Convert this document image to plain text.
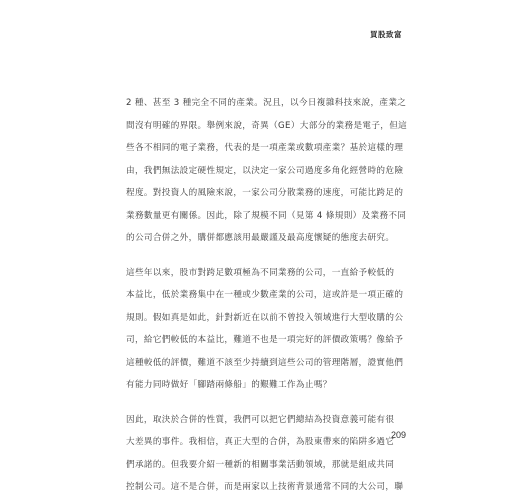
買股致富

2 種、甚至 3 種完全不同的產業。況且，以今日複雜科技來說，產業之
間沒有明確的界限。舉例來說，奇異（GE）大部分的業務是電子，但這
些各不相同的電子業務，代表的是一項產業或數項產業？基於這樣的理
由，我們無法設定硬性規定，以決定一家公司過度多角化經營時的危險
程度。對投資人的風險來說，一家公司分散業務的速度，可能比跨足的
業務數量更有關係。因此，除了規模不同（見第 4 條規則）及業務不同
的公司合併之外，購併都應該用最嚴謹及最高度懷疑的態度去研究。

這些年以來，股市對跨足數項極為不同業務的公司，一直給予較低的
本益比，低於業務集中在一種或少數產業的公司，這或許是一項正確的
規則。假如真是如此，針對新近在以前不曾投入領域進行大型收購的公
司，給它們較低的本益比，難道不也是一項完好的評價政策嗎？像給予
這種較低的評價，難道不該至少持續到這些公司的管理階層，證實他們
有能力同時做好「腳踏兩條船」的艱難工作為止嗎？

因此，取決於合併的性質，我們可以把它們總結為投資意義可能有很
大差異的事件。我相信，真正大型的合併，為股東帶來的陷阱多過它
們承諾的。但我要介紹一種新的相關事業活動領域，那就是組成共同
控制公司。這不是合併，而是兩家以上技術背景通常不同的大公司，聯

209
